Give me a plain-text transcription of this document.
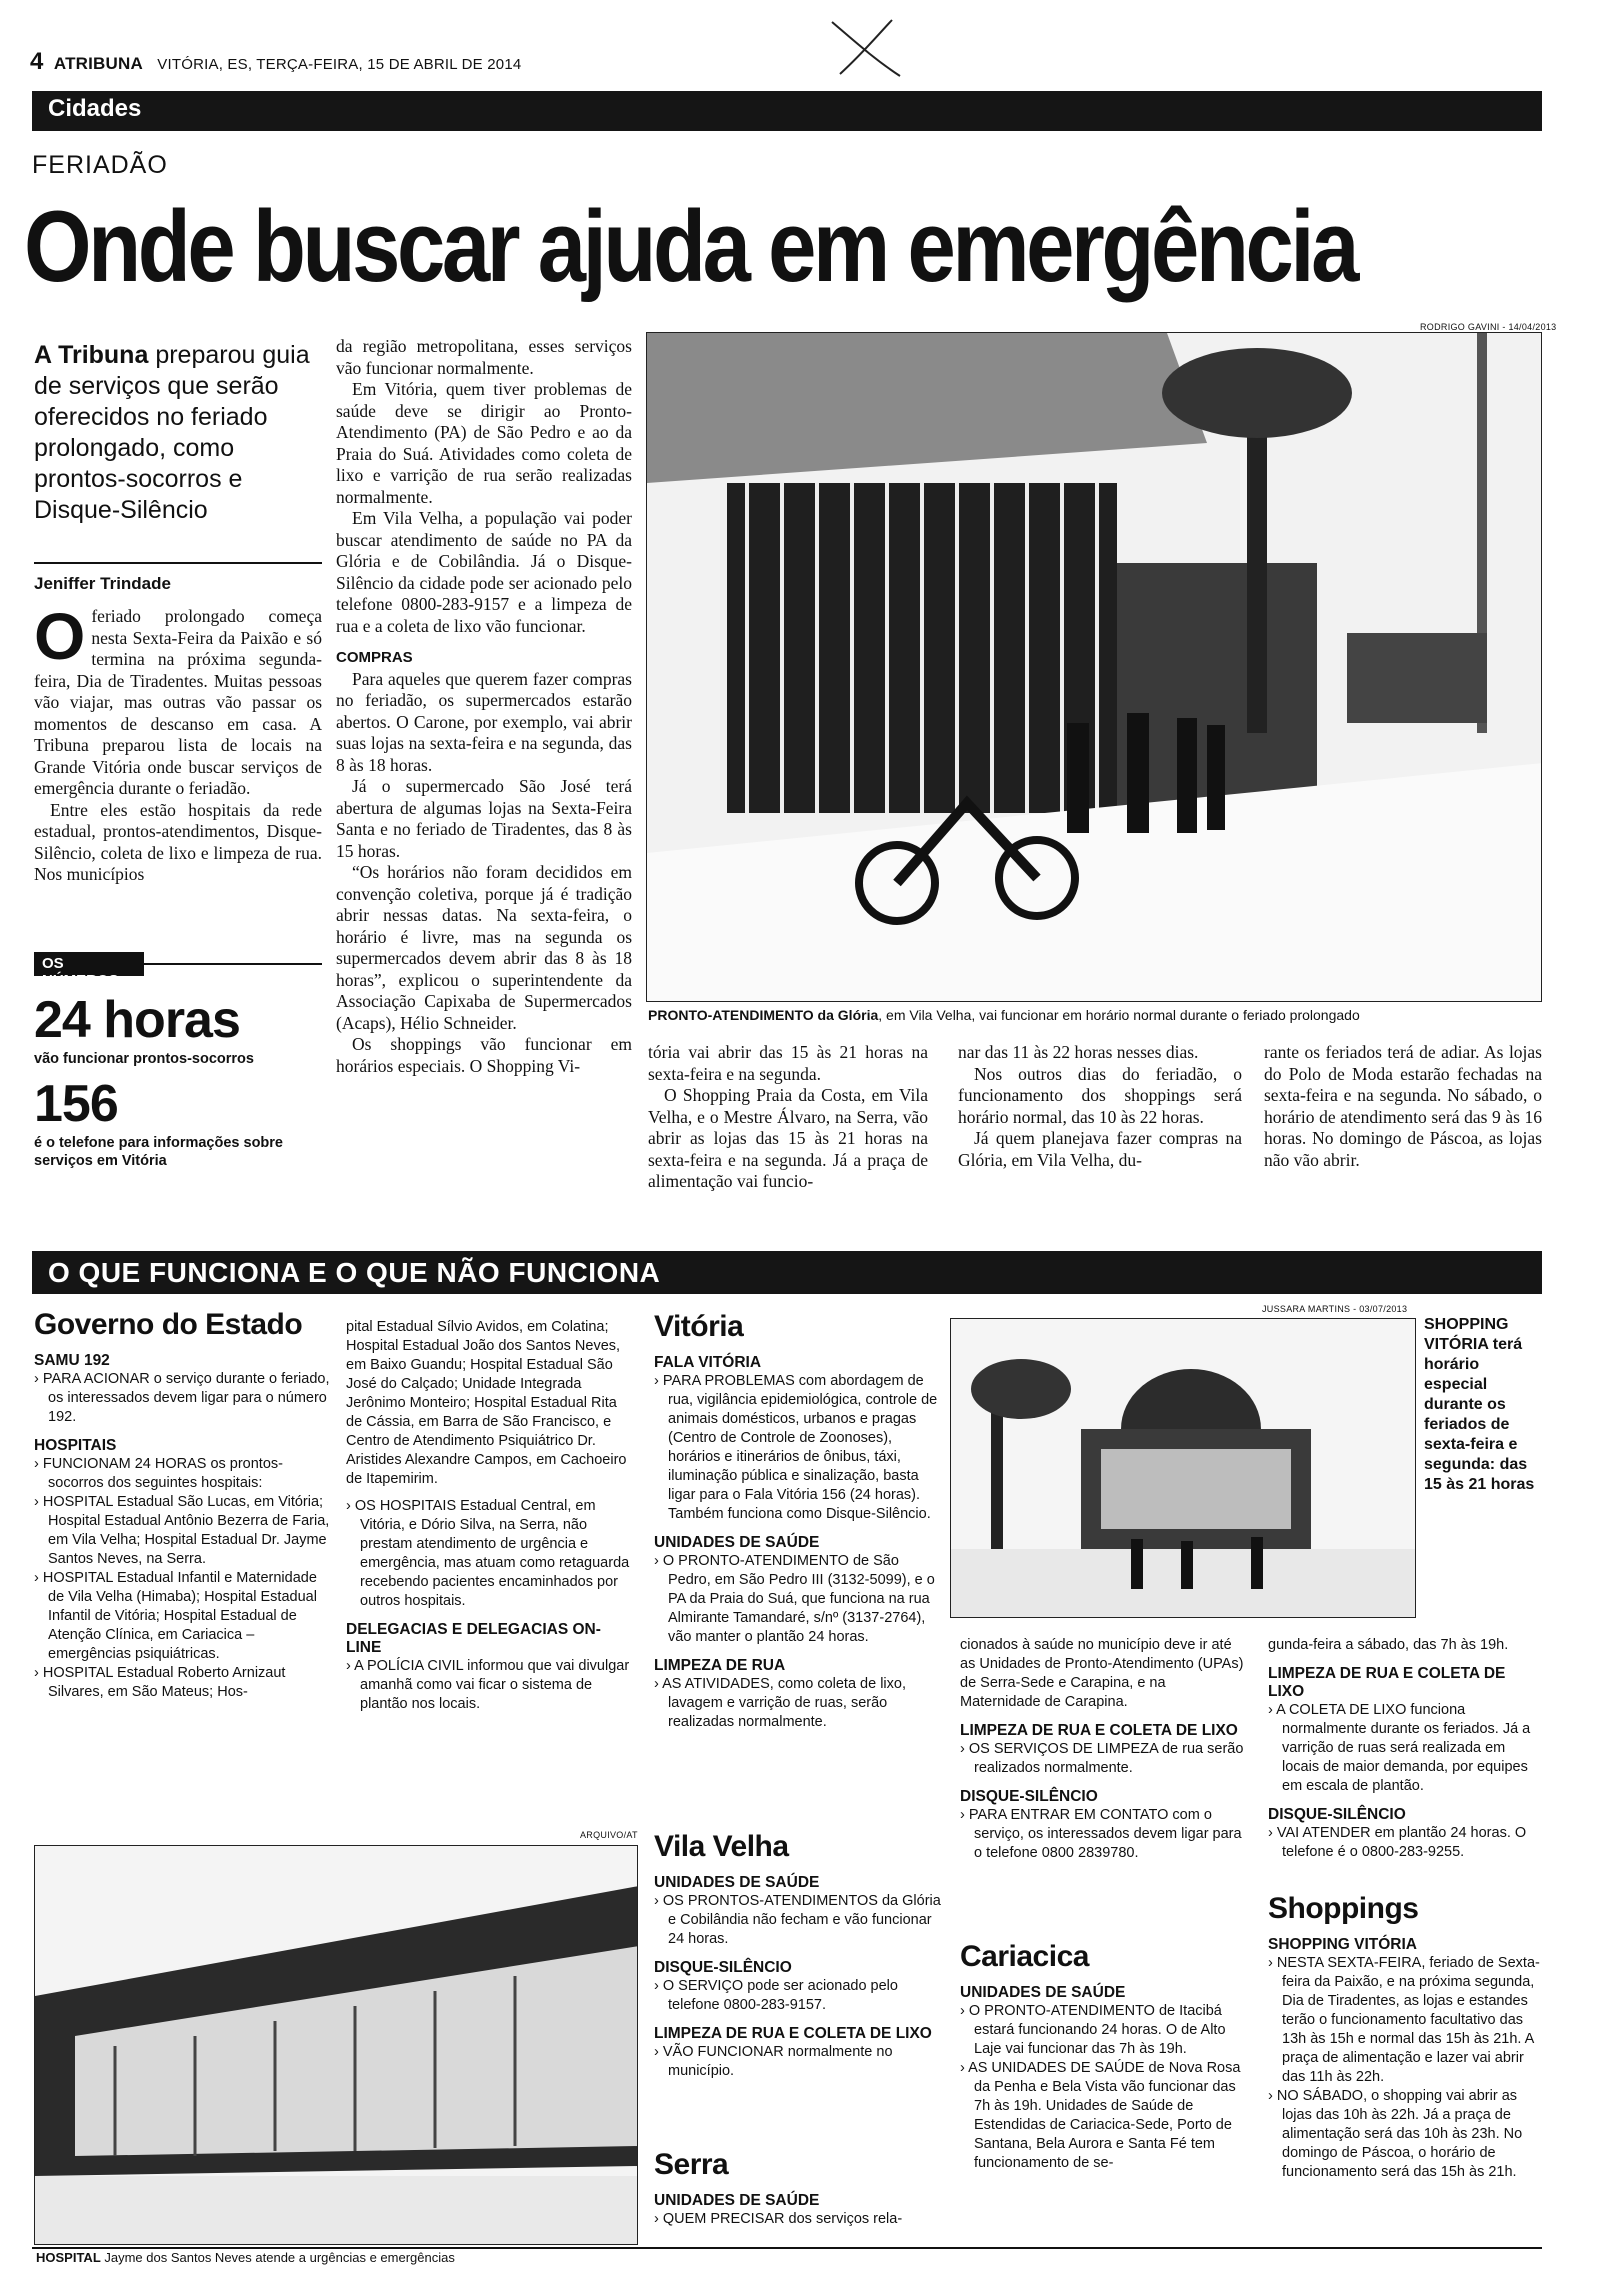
4 ATRIBUNA VITÓRIA, ES, TERÇA-FEIRA, 15 DE ABRIL DE 2014
Cidades
FERIADÃO
Onde buscar ajuda em emergência
RODRIGO GAVINI - 14/04/2013
A Tribuna preparou guia de serviços que serão oferecidos no feriado prolongado, como prontos-socorros e Disque-Silêncio
Jeniffer Trindade

Oferiado prolongado começa nesta Sexta-Feira da Paixão e só termina na próxima segunda-feira, Dia de Tiradentes. Muitas pessoas vão viajar, mas outras vão passar os momentos de descanso em casa. A Tribuna preparou lista de locais na Grande Vitória onde buscar serviços de emergência durante o feriadão.

Entre eles estão hospitais da rede estadual, prontos-atendimentos, Disque-Silêncio, coleta de lixo e limpeza de rua. Nos municípios

OS NÚMEROS
24 horas
vão funcionar prontos-socorros
156
é o telefone para informações sobre serviços em Vitória

da região metropolitana, esses serviços vão funcionar normalmente.

Em Vitória, quem tiver problemas de saúde deve se dirigir ao Pronto-Atendimento (PA) de São Pedro e ao da Praia do Suá. Atividades como coleta de lixo e varrição de rua serão realizadas normalmente.

Em Vila Velha, a população vai poder buscar atendimento de saúde no PA da Glória e de Cobilândia. Já o Disque-Silêncio da cidade pode ser acionado pelo telefone 0800-283-9157 e a limpeza de rua e a coleta de lixo vão funcionar.

COMPRAS

Para aqueles que querem fazer compras no feriadão, os supermercados estarão abertos. O Carone, por exemplo, vai abrir suas lojas na sexta-feira e na segunda, das 8 às 18 horas.

Já o supermercado São José terá abertura de algumas lojas na Sexta-Feira Santa e no feriado de Tiradentes, das 8 às 15 horas.

“Os horários não foram decididos em convenção coletiva, porque já é tradição abrir nessas datas. Na sexta-feira, o horário é livre, mas na segunda os supermercados devem abrir das 8 às 18 horas”, explicou o superintendente da Associação Capixaba de Supermercados (Acaps), Hélio Schneider.

Os shoppings vão funcionar em horários especiais. O Shopping Vi-

PRONTO-ATENDIMENTO da Glória, em Vila Velha, vai funcionar em horário normal durante o feriado prolongado

tória vai abrir das 15 às 21 horas na sexta-feira e na segunda.

O Shopping Praia da Costa, em Vila Velha, e o Mestre Álvaro, na Serra, vão abrir as lojas das 15 às 21 horas na sexta-feira e na segunda. Já a praça de alimentação vai funcio-

nar das 11 às 22 horas nesses dias.

Nos outros dias do feriadão, o funcionamento dos shoppings será horário normal, das 10 às 22 horas.

Já quem planejava fazer compras na Glória, em Vila Velha, du-

rante os feriados terá de adiar. As lojas do Polo de Moda estarão fechadas na sexta-feira e na segunda. No sábado, o horário de atendimento será das 9 às 16 horas. No domingo de Páscoa, as lojas não vão abrir.

O QUE FUNCIONA E O QUE NÃO FUNCIONA
Governo do Estado
SAMU 192
› PARA ACIONAR o serviço durante o feriado, os interessados devem ligar para o número 192.
HOSPITAIS
› FUNCIONAM 24 HORAS os prontos-socorros dos seguintes hospitais:
› HOSPITAL Estadual São Lucas, em Vitória; Hospital Estadual Antônio Bezerra de Faria, em Vila Velha; Hospital Estadual Dr. Jayme Santos Neves, na Serra.
› HOSPITAL Estadual Infantil e Maternidade de Vila Velha (Himaba); Hospital Estadual Infantil de Vitória; Hospital Estadual de Atenção Clínica, em Cariacica – emergências psiquiátricas.
› HOSPITAL Estadual Roberto Arnizaut Silvares, em São Mateus; Hos-
pital Estadual Sílvio Avidos, em Colatina; Hospital Estadual João dos Santos Neves, em Baixo Guandu; Hospital Estadual São José do Calçado; Unidade Integrada Jerônimo Monteiro; Hospital Estadual Rita de Cássia, em Barra de São Francisco, e Centro de Atendimento Psiquiátrico Dr. Aristides Alexandre Campos, em Cachoeiro de Itapemirim.
› OS HOSPITAIS Estadual Central, em Vitória, e Dório Silva, na Serra, não prestam atendimento de urgência e emergência, mas atuam como retaguarda recebendo pacientes encaminhados por outros hospitais.
DELEGACIAS E DELEGACIAS ON-LINE
› A POLÍCIA CIVIL informou que vai divulgar amanhã como vai ficar o sistema de plantão nos locais.
ARQUIVO/AT
HOSPITAL Jayme dos Santos Neves atende a urgências e emergências
Vitória
FALA VITÓRIA
› PARA PROBLEMAS com abordagem de rua, vigilância epidemiológica, controle de animais domésticos, urbanos e pragas (Centro de Controle de Zoonoses), horários e itinerários de ônibus, táxi, iluminação pública e sinalização, basta ligar para o Fala Vitória 156 (24 horas). Também funciona como Disque-Silêncio.
UNIDADES DE SAÚDE
› O PRONTO-ATENDIMENTO de São Pedro, em São Pedro III (3132-5099), e o PA da Praia do Suá, que funciona na rua Almirante Tamandaré, s/nº (3137-2764), vão manter o plantão 24 horas.
LIMPEZA DE RUA
› AS ATIVIDADES, como coleta de lixo, lavagem e varrição de ruas, serão realizadas normalmente.
JUSSARA MARTINS - 03/07/2013
SHOPPING VITÓRIA terá horário especial durante os feriados de sexta-feira e segunda: das 15 às 21 horas
Vila Velha
UNIDADES DE SAÚDE
› OS PRONTOS-ATENDIMENTOS da Glória e Cobilândia não fecham e vão funcionar 24 horas.
DISQUE-SILÊNCIO
› O SERVIÇO pode ser acionado pelo telefone 0800-283-9157.
LIMPEZA DE RUA E COLETA DE LIXO
› VÃO FUNCIONAR normalmente no município.
Serra
UNIDADES DE SAÚDE
› QUEM PRECISAR dos serviços rela-
cionados à saúde no município deve ir até as Unidades de Pronto-Atendimento (UPAs) de Serra-Sede e Carapina, e na Maternidade de Carapina.
LIMPEZA DE RUA E COLETA DE LIXO
› OS SERVIÇOS DE LIMPEZA de rua serão realizados normalmente.
DISQUE-SILÊNCIO
› PARA ENTRAR EM CONTATO com o serviço, os interessados devem ligar para o telefone 0800 2839780.
Cariacica
UNIDADES DE SAÚDE
› O PRONTO-ATENDIMENTO de Itacibá estará funcionando 24 horas. O de Alto Laje vai funcionar das 7h às 19h.
› AS UNIDADES DE SAÚDE de Nova Rosa da Penha e Bela Vista vão funcionar das 7h às 19h. Unidades de Saúde de Estendidas de Cariacica-Sede, Porto de Santana, Bela Aurora e Santa Fé tem funcionamento de se-
gunda-feira a sábado, das 7h às 19h.
LIMPEZA DE RUA E COLETA DE LIXO
› A COLETA DE LIXO funciona normalmente durante os feriados. Já a varrição de ruas será realizada em locais de maior demanda, por equipes em escala de plantão.
DISQUE-SILÊNCIO
› VAI ATENDER em plantão 24 horas. O telefone é o 0800-283-9255.
Shoppings
SHOPPING VITÓRIA
› NESTA SEXTA-FEIRA, feriado de Sexta-feira da Paixão, e na próxima segunda, Dia de Tiradentes, as lojas e estandes terão o funcionamento facultativo das 13h às 15h e normal das 15h às 21h. A praça de alimentação e lazer vai abrir das 11h às 22h.
› NO SÁBADO, o shopping vai abrir as lojas das 10h às 22h. Já a praça de alimentação será das 10h às 23h. No domingo de Páscoa, o horário de funcionamento será das 15h às 21h.
